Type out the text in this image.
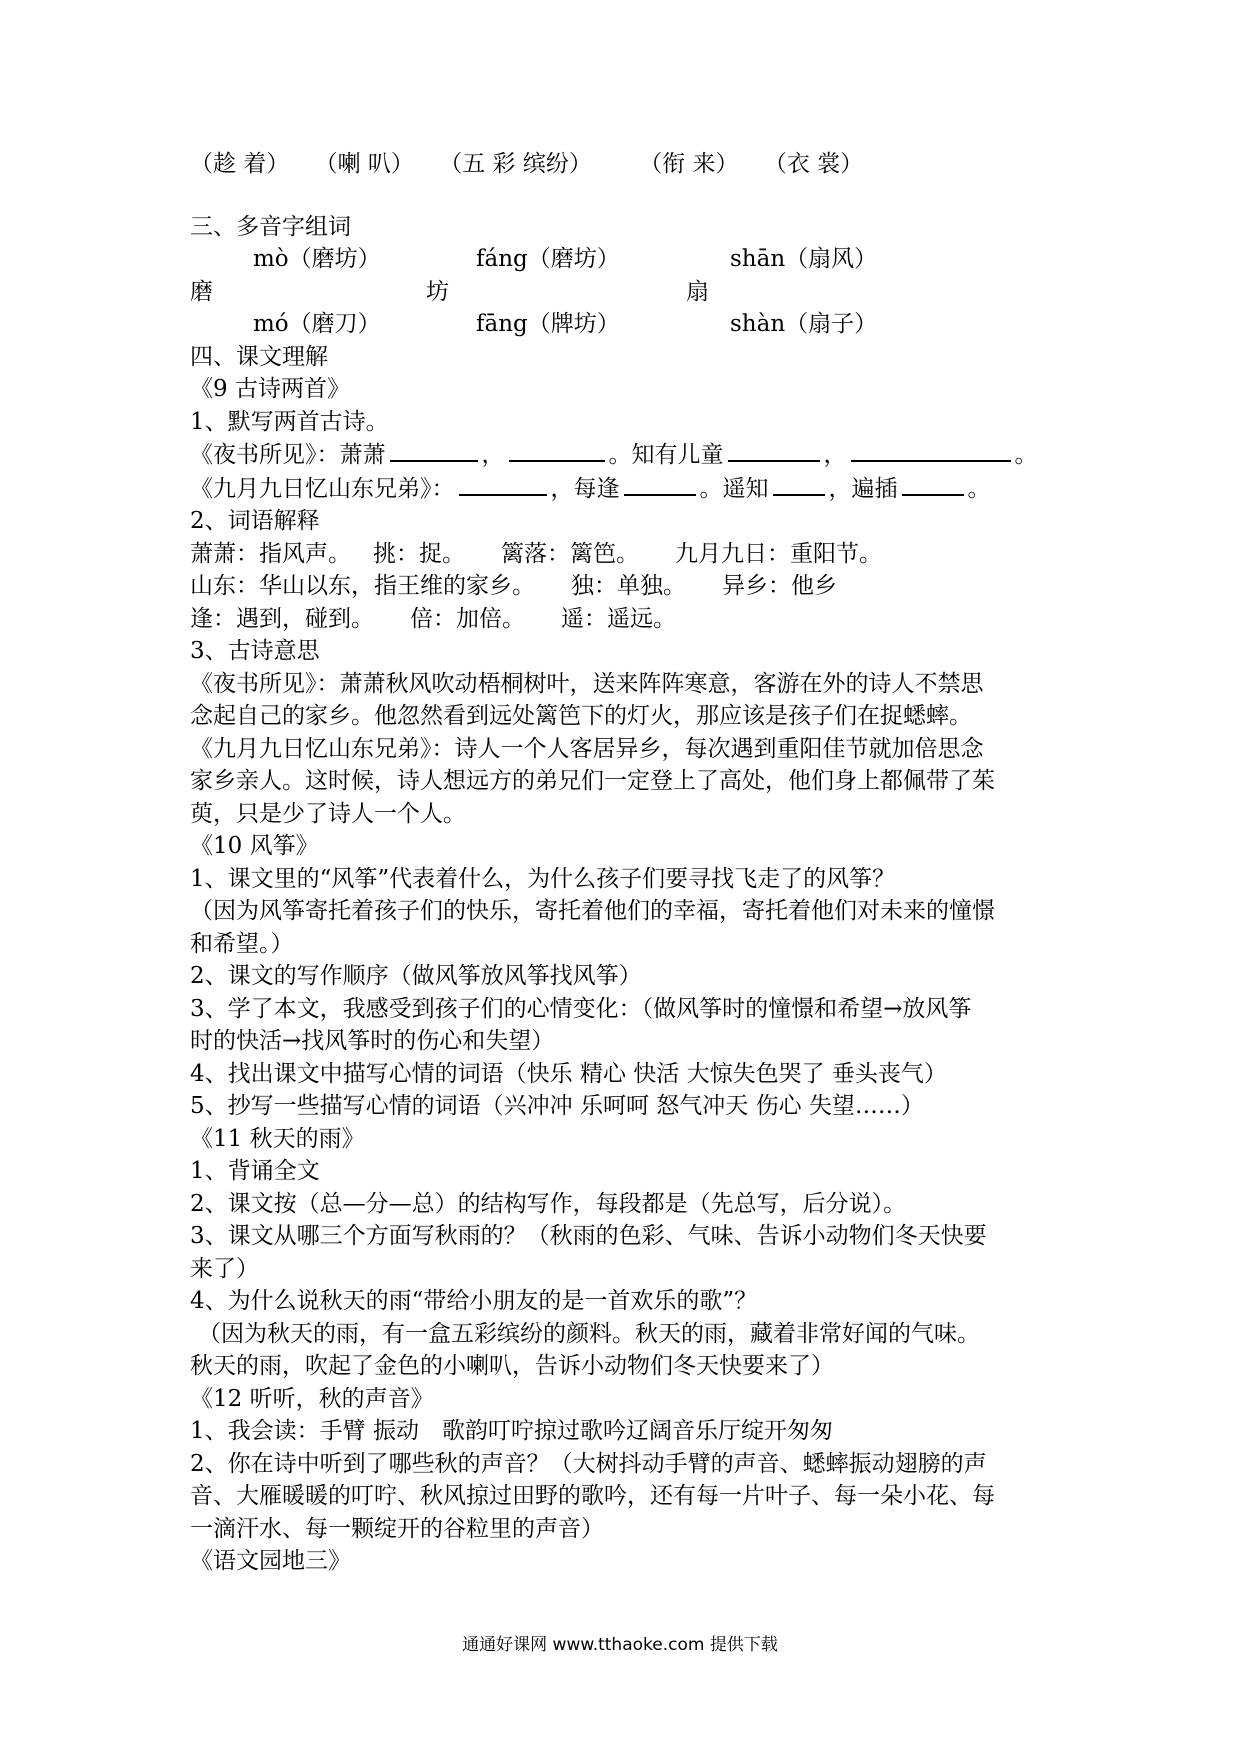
（趁 着） （喇 叭） （五 彩 缤纷） （衔 来） （衣 裳）

三、多音字组词

mò（磨坊）	fáng（磨坊）	shān（扇风）
磨	坊	扇
mó（磨刀）	fāng（牌坊）	shàn（扇子）

四、课文理解

《9 古诗两首》

1、默写两首古诗。

《夜书所见》：萧萧	，	。知有儿童	，	。

《九月九日忆山东兄弟》：	，每逢	。遥知	，遍插	。

2、词语解释

萧萧：指风声。 挑：捉。 篱落：篱笆。 九月九日：重阳节。

山东：华山以东，指王维的家乡。 独：单独。 异乡：他乡

逢：遇到，碰到。 倍：加倍。 遥：遥远。

3、古诗意思

《夜书所见》：萧萧秋风吹动梧桐树叶，送来阵阵寒意，客游在外的诗人不禁思

念起自己的家乡。他忽然看到远处篱笆下的灯火，那应该是孩子们在捉蟋蟀。

《九月九日忆山东兄弟》：诗人一个人客居异乡，每次遇到重阳佳节就加倍思念

家乡亲人。这时候，诗人想远方的弟兄们一定登上了高处，他们身上都佩带了茱

萸，只是少了诗人一个人。

《10 风筝》

1、课文里的“风筝”代表着什么，为什么孩子们要寻找飞走了的风筝？

（因为风筝寄托着孩子们的快乐，寄托着他们的幸福，寄托着他们对未来的憧憬

和希望。）

2、课文的写作顺序（做风筝放风筝找风筝）

3、学了本文，我感受到孩子们的心情变化：（做风筝时的憧憬和希望→放风筝

时的快活→找风筝时的伤心和失望）

4、找出课文中描写心情的词语（快乐 精心 快活 大惊失色哭了 垂头丧气）

5、抄写一些描写心情的词语（兴冲冲 乐呵呵 怒气冲天 伤心 失望……）

《11 秋天的雨》

1、背诵全文

2、课文按（总—分—总）的结构写作，每段都是（先总写，后分说）。

3、课文从哪三个方面写秋雨的？（秋雨的色彩、气味、告诉小动物们冬天快要

来了）

4、为什么说秋天的雨“带给小朋友的是一首欢乐的歌”？

（因为秋天的雨，有一盒五彩缤纷的颜料。秋天的雨，藏着非常好闻的气味。

秋天的雨，吹起了金色的小喇叭，告诉小动物们冬天快要来了）

《12 听听，秋的声音》

1、我会读：手臂 振动　歌韵叮咛掠过歌吟辽阔音乐厅绽开匆匆

2、你在诗中听到了哪些秋的声音？（大树抖动手臂的声音、蟋蟀振动翅膀的声

音、大雁暖暖的叮咛、秋风掠过田野的歌吟，还有每一片叶子、每一朵小花、每

一滴汗水、每一颗绽开的谷粒里的声音）

《语文园地三》

通通好课网 www.tthaoke.com 提供下载
